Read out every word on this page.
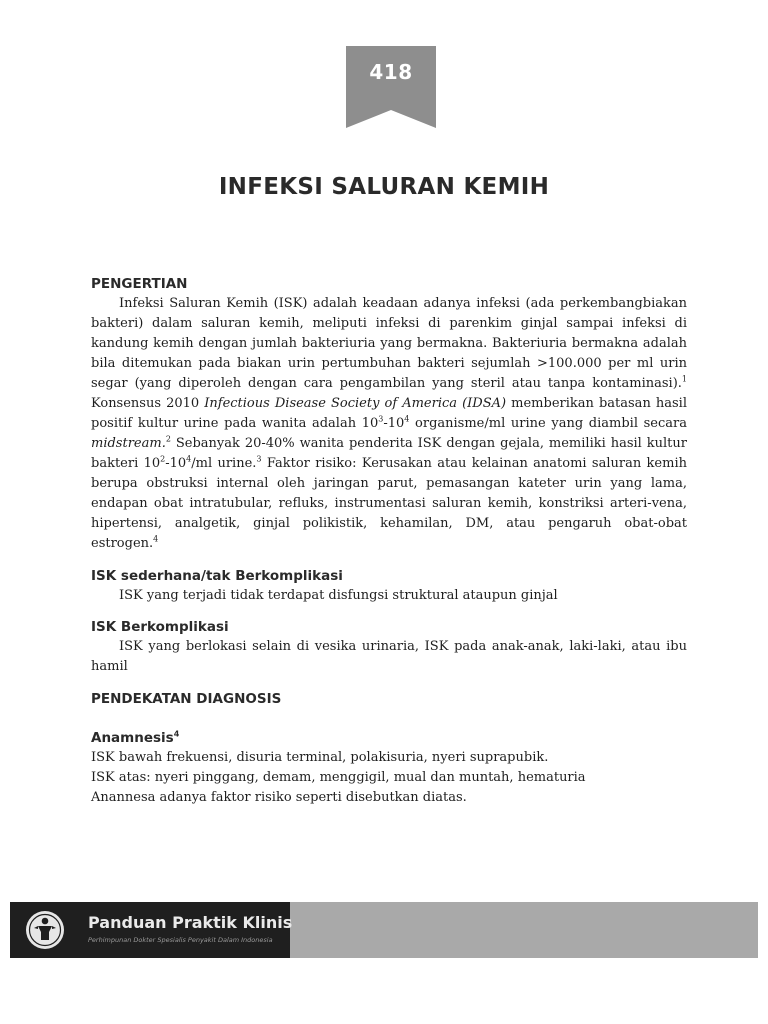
418
INFEKSI SALURAN KEMIH
PENGERTIAN

Infeksi Saluran Kemih (ISK) adalah keadaan adanya infeksi (ada perkembangbiakan bakteri) dalam saluran kemih, meliputi infeksi di parenkim ginjal sampai infeksi di kandung kemih dengan jumlah bakteriuria yang bermakna. Bakteriuria bermakna adalah bila ditemukan pada biakan urin pertumbuhan bakteri sejumlah >100.000 per ml urin segar (yang diperoleh dengan cara pengambilan yang steril atau tanpa kontaminasi).$^1$ Konsensus 2010 Infectious Disease Society of America (IDSA) memberikan batasan hasil positif kultur urine pada wanita adalah $10^3-10^4$ organisme/ml urine yang diambil secara midstream.$^2$ Sebanyak 20-40% wanita penderita ISK dengan gejala, memiliki hasil kultur bakteri $10^2-10^4/ml$ urine.$^3$ Faktor risiko: Kerusakan atau kelainan anatomi saluran kemih berupa obstruksi internal oleh jaringan parut, pemasangan kateter urin yang lama, endapan obat intratubular, refluks, instrumentasi saluran kemih, konstriksi arteri-vena, hipertensi, analgetik, ginjal polikistik, kehamilan, DM, atau pengaruh obat-obat estrogen.$^4$

ISK sederhana/tak Berkomplikasi

ISK yang terjadi tidak terdapat disfungsi struktural ataupun ginjal

ISK Berkomplikasi

ISK yang berlokasi selain di vesika urinaria, ISK pada anak-anak, laki-laki, atau ibu hamil

PENDEKATAN DIAGNOSIS
Anamnesis$^4$

ISK bawah frekuensi, disuria terminal, polakisuria, nyeri suprapubik.

ISK atas: nyeri pinggang, demam, menggigil, mual dan muntah, hematuria

Anannesa adanya faktor risiko seperti disebutkan diatas.

Panduan Praktik Klinis
Perhimpunan Dokter Spesialis Penyakit Dalam Indonesia
